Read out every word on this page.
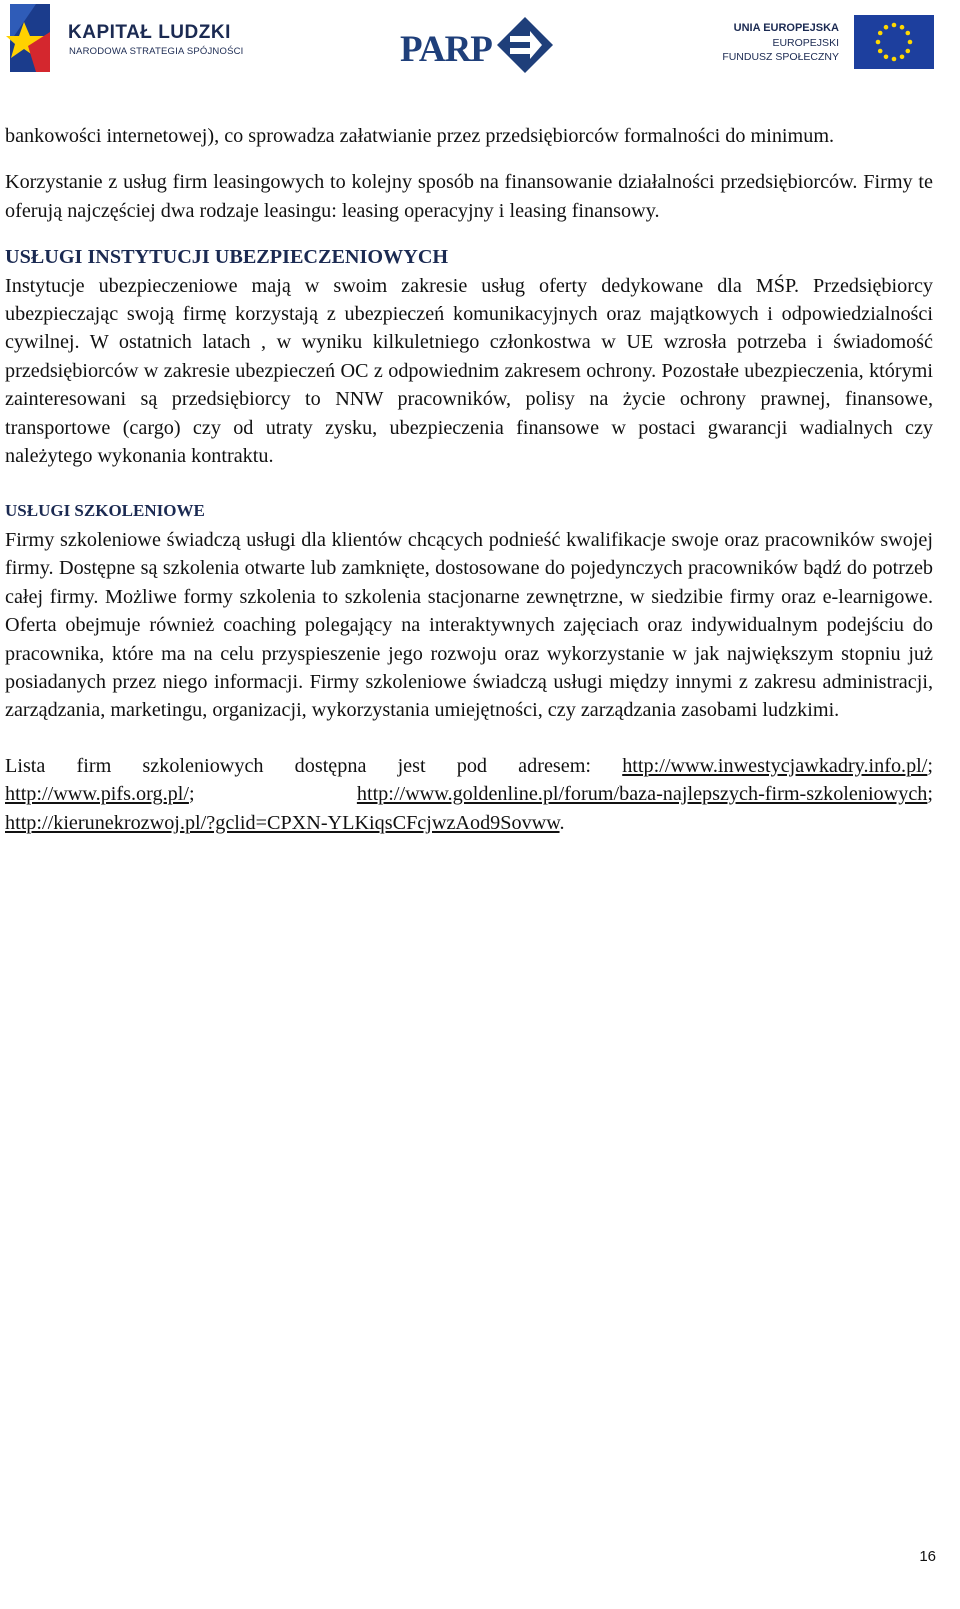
KAPITAŁ LUDZKI
NARODOWA STRATEGIA SPÓJNOŚCI	PARP
UNIA EUROPEJSKA
EUROPEJSKI
FUNDUSZ SPOŁECZNY

bankowości internetowej), co sprowadza załatwianie przez przedsiębiorców formalności do minimum.

Korzystanie z usług firm leasingowych to kolejny sposób na finansowanie działalności przedsiębiorców. Firmy te oferują najczęściej dwa rodzaje leasingu: leasing operacyjny i leasing finansowy.

USŁUGI INSTYTUCJI UBEZPIECZENIOWYCH

Instytucje ubezpieczeniowe mają w swoim zakresie usług oferty dedykowane dla MŚP. Przedsiębiorcy ubezpieczając swoją firmę korzystają z ubezpieczeń komunikacyjnych oraz majątkowych i odpowiedzialności cywilnej. W ostatnich latach , w wyniku kilkuletniego członkostwa w UE wzrosła potrzeba i świadomość przedsiębiorców w zakresie ubezpieczeń OC z odpowiednim zakresem ochrony. Pozostałe ubezpieczenia, którymi zainteresowani są przedsiębiorcy to NNW pracowników, polisy na życie ochrony prawnej, finansowe, transportowe (cargo) czy od utraty zysku, ubezpieczenia finansowe w postaci gwarancji wadialnych czy należytego wykonania kontraktu.

USŁUGI SZKOLENIOWE

Firmy szkoleniowe świadczą usługi dla klientów chcących podnieść kwalifikacje swoje oraz pracowników swojej firmy. Dostępne są szkolenia otwarte lub zamknięte, dostosowane do pojedynczych pracowników bądź do potrzeb całej firmy. Możliwe formy szkolenia to szkolenia stacjonarne zewnętrzne, w siedzibie firmy oraz e-learnigowe. Oferta obejmuje również coaching polegający na interaktywnych zajęciach oraz indywidualnym podejściu do pracownika, które ma na celu przyspieszenie jego rozwoju oraz wykorzystanie w jak największym stopniu już posiadanych przez niego informacji. Firmy szkoleniowe świadczą usługi między innymi z zakresu administracji, zarządzania, marketingu, organizacji, wykorzystania umiejętności, czy zarządzania zasobami ludzkimi.

Lista firm szkoleniowych dostępna jest pod adresem: http://www.inwestycjawkadry.info.pl/; http://www.pifs.org.pl/; http://www.goldenline.pl/forum/baza-najlepszych-firm-szkoleniowych; http://kierunekrozwoj.pl/?gclid=CPXN-YLKiqsCFcjwzAod9Sovww.

16
